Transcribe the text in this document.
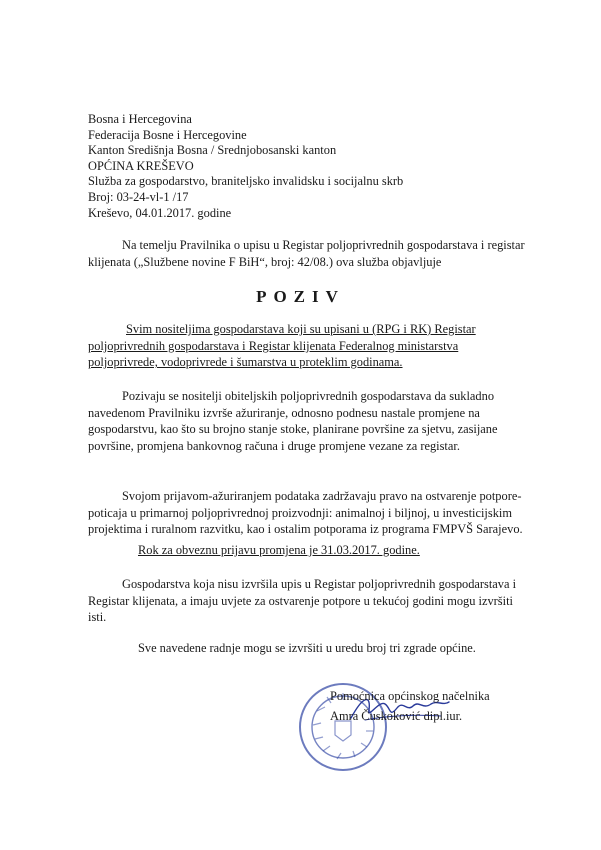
Bosna i Hercegovina
Federacija Bosne i Hercegovine
Kanton Središnja Bosna / Srednjobosanski kanton
OPĆINA KREŠEVO
Služba za gospodarstvo, braniteljsko invalidsku i socijalnu skrb
Broj: 03-24-vl-1 /17
Kreševo, 04.01.2017. godine
Na temelju Pravilnika o upisu u Registar poljoprivrednih gospodarstava i registar klijenata („Službene novine F BiH“, broj: 42/08.) ova služba objavljuje
POZIV
Svim nositeljima gospodarstava koji su upisani u (RPG i RK) Registar poljoprivrednih gospodarstava i Registar klijenata Federalnog ministarstva poljoprivrede, vodoprivrede i šumarstva u proteklim godinama.
Pozivaju se nositelji obiteljskih poljoprivrednih gospodarstava da sukladno navedenom Pravilniku izvrše ažuriranje, odnosno podnesu nastale promjene na gospodarstvu, kao što su brojno stanje stoke, planirane površine za sjetvu, zasijane površine, promjena bankovnog računa i druge promjene vezane za registar.
Svojom prijavom-ažuriranjem podataka zadržavaju pravo na ostvarenje potpore-poticaja u primarnoj poljoprivrednoj proizvodnji: animalnoj i biljnoj, u investicijskim projektima i ruralnom razvitku, kao i ostalim potporama iz programa FMPVŠ Sarajevo.
Rok za obveznu prijavu promjena je 31.03.2017. godine.
Gospodarstva koja nisu izvršila upis u Registar poljoprivrednih gospodarstava i Registar klijenata, a imaju uvjete za ostvarenje potpore u tekućoj godini mogu izvršiti isti.
Sve navedene radnje mogu se izvršiti u uredu broj tri zgrade općine.
Pomoćnica općinskog načelnika
Amra Čuskoković dipl.iur.
